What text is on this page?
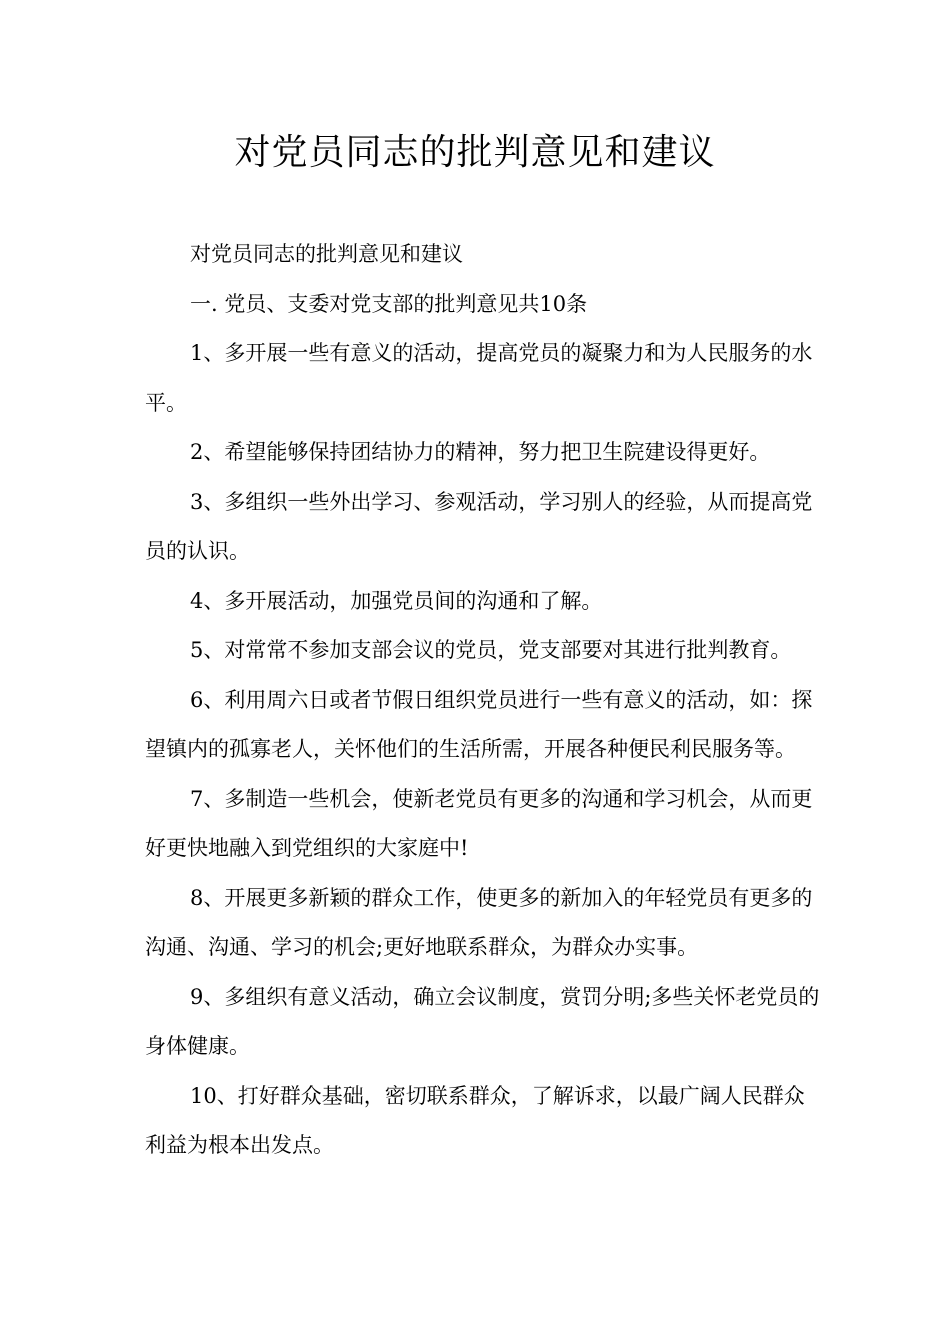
对党员同志的批判意见和建议

对党员同志的批判意见和建议

一. 党员、支委对党支部的批判意见共10条

1、多开展一些有意义的活动，提高党员的凝聚力和为人民服务的水平。

2、希望能够保持团结协力的精神，努力把卫生院建设得更好。

3、多组织一些外出学习、参观活动，学习别人的经验，从而提高党员的认识。

4、多开展活动，加强党员间的沟通和了解。

5、对常常不参加支部会议的党员，党支部要对其进行批判教育。

6、利用周六日或者节假日组织党员进行一些有意义的活动，如：探望镇内的孤寡老人，关怀他们的生活所需，开展各种便民利民服务等。

7、多制造一些机会，使新老党员有更多的沟通和学习机会，从而更好更快地融入到党组织的大家庭中!

8、开展更多新颖的群众工作，使更多的新加入的年轻党员有更多的沟通、沟通、学习的机会;更好地联系群众，为群众办实事。

9、多组织有意义活动，确立会议制度，赏罚分明;多些关怀老党员的身体健康。

10、打好群众基础，密切联系群众，了解诉求，以最广阔人民群众利益为根本出发点。
